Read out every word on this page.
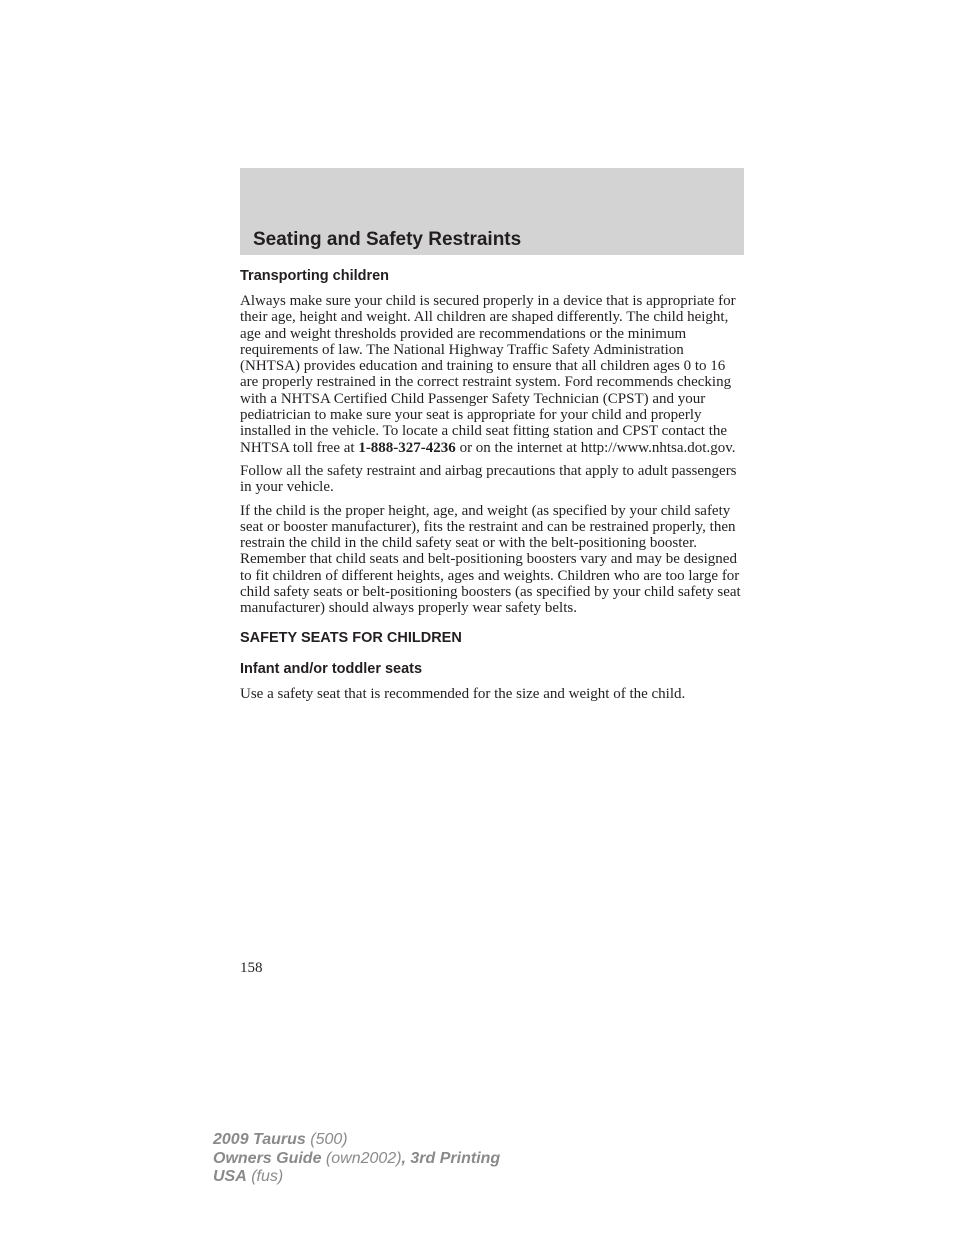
Seating and Safety Restraints
Transporting children

Always make sure your child is secured properly in a device that is appropriate for their age, height and weight. All children are shaped differently. The child height, age and weight thresholds provided are recommendations or the minimum requirements of law. The National Highway Traffic Safety Administration (NHTSA) provides education and training to ensure that all children ages 0 to 16 are properly restrained in the correct restraint system. Ford recommends checking with a NHTSA Certified Child Passenger Safety Technician (CPST) and your pediatrician to make sure your seat is appropriate for your child and properly installed in the vehicle. To locate a child seat fitting station and CPST contact the NHTSA toll free at 1-888-327-4236 or on the internet at http://www.nhtsa.dot.gov.

Follow all the safety restraint and airbag precautions that apply to adult passengers in your vehicle.

If the child is the proper height, age, and weight (as specified by your child safety seat or booster manufacturer), fits the restraint and can be restrained properly, then restrain the child in the child safety seat or with the belt-positioning booster. Remember that child seats and belt-positioning boosters vary and may be designed to fit children of different heights, ages and weights. Children who are too large for child safety seats or belt-positioning boosters (as specified by your child safety seat manufacturer) should always properly wear safety belts.

SAFETY SEATS FOR CHILDREN
Infant and/or toddler seats

Use a safety seat that is recommended for the size and weight of the child.

158

2009 Taurus (500)
Owners Guide (own2002), 3rd Printing
USA (fus)
